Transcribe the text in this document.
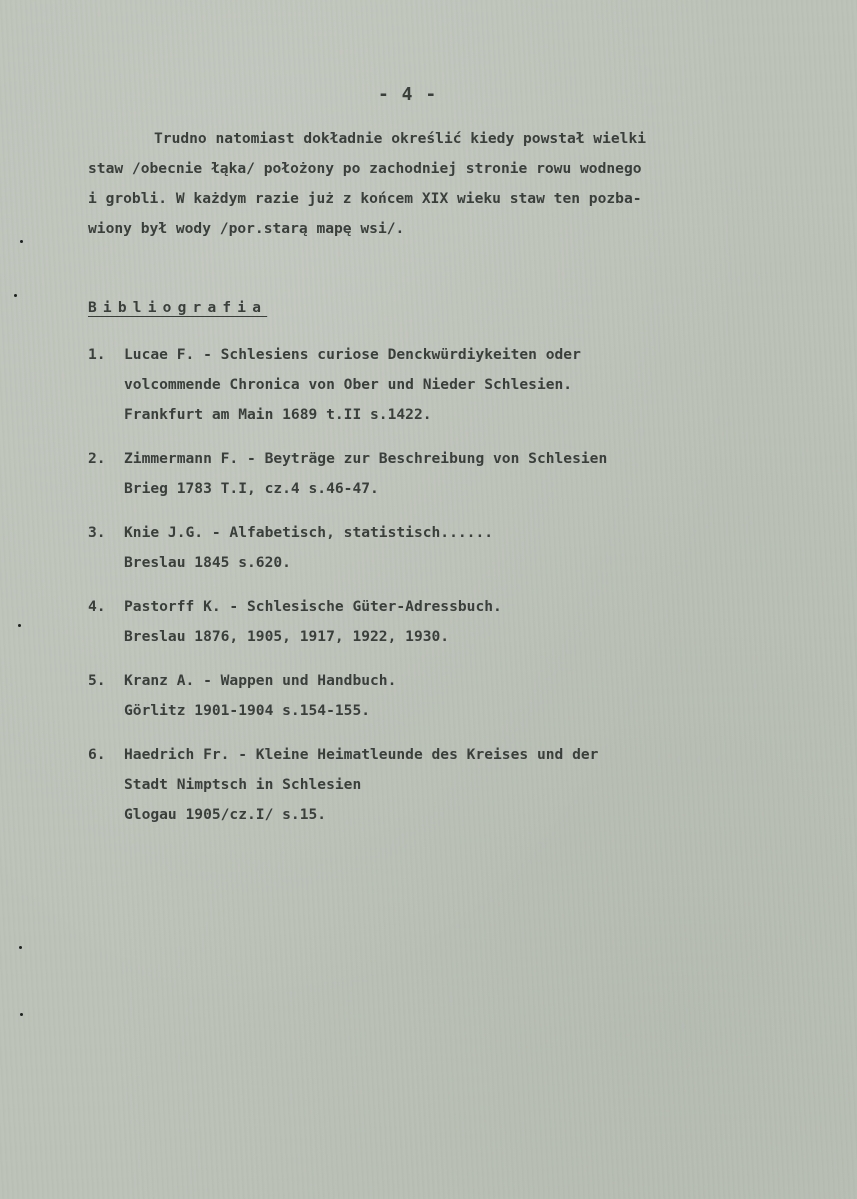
- 4 -

Trudno natomiast dokładnie określić kiedy powstał wielki
staw /obecnie łąka/ położony po zachodniej stronie rowu wodnego
i grobli. W każdym razie już z końcem XIX wieku staw ten pozba-
wiony był wody /por.starą mapę wsi/.

Bibliografia
1.	Lucae F. - Schlesiens curiose Denckwürdiykeiten oder
volcommende Chronica von Ober und Nieder Schlesien.
Frankfurt am Main 1689 t.II s.1422.
2.	Zimmermann F. - Beyträge zur Beschreibung von Schlesien
Brieg 1783 T.I, cz.4 s.46-47.
3.	Knie J.G. - Alfabetisch, statistisch......
Breslau 1845 s.620.
4.	Pastorff K. - Schlesische Güter-Adressbuch.
Breslau 1876, 1905, 1917, 1922, 1930.
5.	Kranz A. - Wappen und Handbuch.
Görlitz 1901-1904 s.154-155.
6.	Haedrich Fr. - Kleine Heimatleunde des Kreises und der
Stadt Nimptsch in Schlesien
Glogau 1905/cz.I/ s.15.
